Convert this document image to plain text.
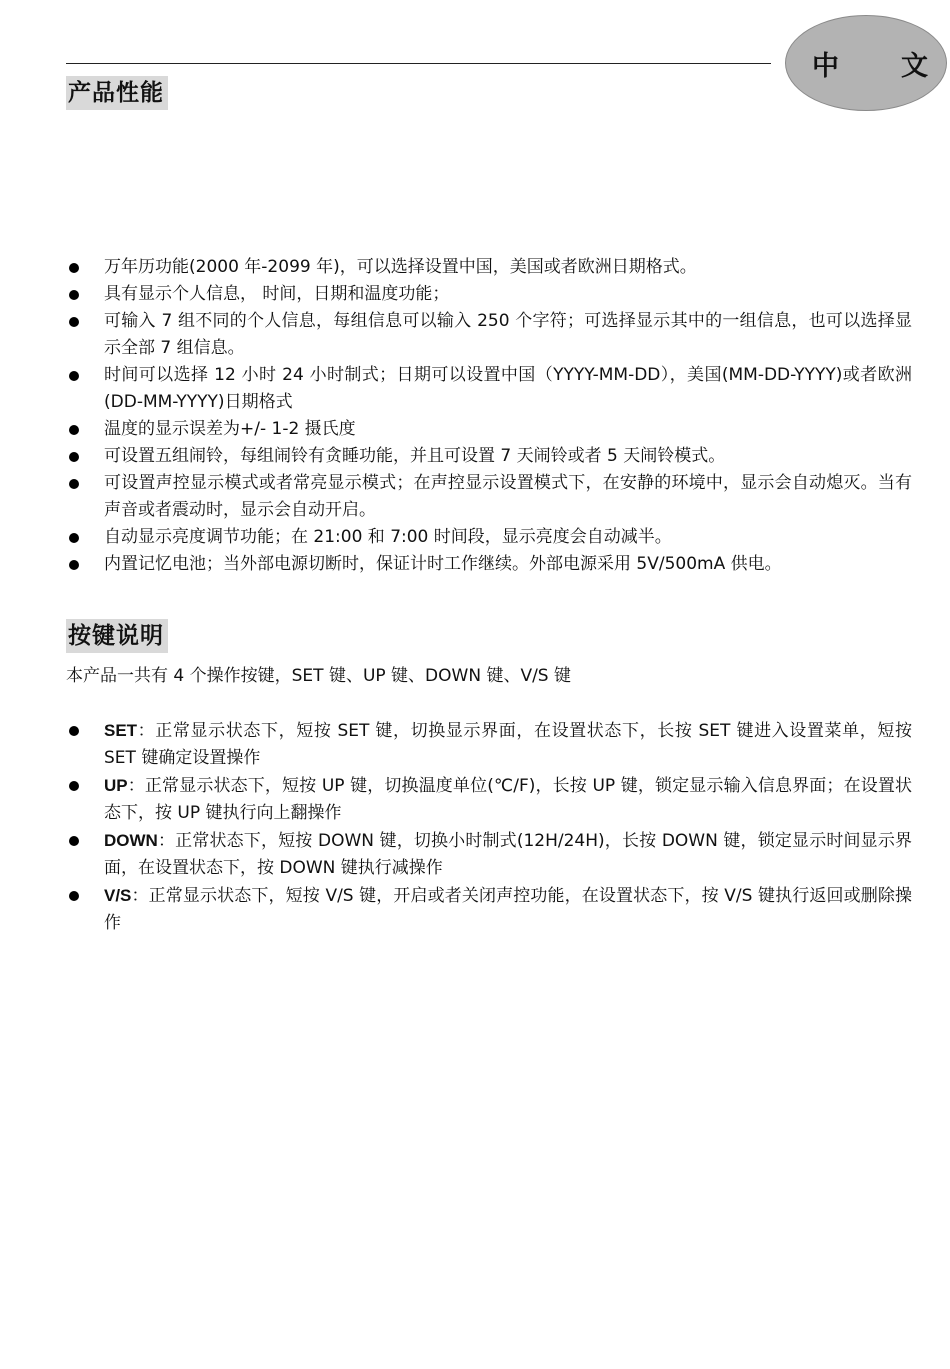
中 文
产品性能
万年历功能(2000 年-2099 年)，可以选择设置中国，美国或者欧洲日期格式。
具有显示个人信息， 时间，日期和温度功能；
可输入 7 组不同的个人信息，每组信息可以输入 250 个字符；可选择显示其中的一组信息，也可以选择显示全部 7 组信息。
时间可以选择 12 小时 24 小时制式；日期可以设置中国（YYYY-MM-DD），美国(MM-DD-YYYY)或者欧洲(DD-MM-YYYY)日期格式
温度的显示误差为+/- 1-2 摄氏度
可设置五组闹铃，每组闹铃有贪睡功能，并且可设置 7 天闹铃或者 5 天闹铃模式。
可设置声控显示模式或者常亮显示模式；在声控显示设置模式下，在安静的环境中，显示会自动熄灭。当有声音或者震动时，显示会自动开启。
自动显示亮度调节功能；在 21:00 和 7:00 时间段，显示亮度会自动减半。
内置记忆电池；当外部电源切断时，保证计时工作继续。外部电源采用 5V/500mA 供电。
按键说明
本产品一共有 4 个操作按键，SET 键、UP 键、DOWN 键、V/S 键
SET：正常显示状态下，短按 SET 键，切换显示界面，在设置状态下，长按 SET 键进入设置菜单，短按 SET 键确定设置操作
UP：正常显示状态下，短按 UP 键，切换温度单位(℃/F)，长按 UP 键，锁定显示输入信息界面；在设置状态下，按 UP 键执行向上翻操作
DOWN：正常状态下，短按 DOWN 键，切换小时制式(12H/24H)，长按 DOWN 键，锁定显示时间显示界面，在设置状态下，按 DOWN 键执行减操作
V/S：正常显示状态下，短按 V/S 键，开启或者关闭声控功能，在设置状态下，按 V/S 键执行返回或删除操作
